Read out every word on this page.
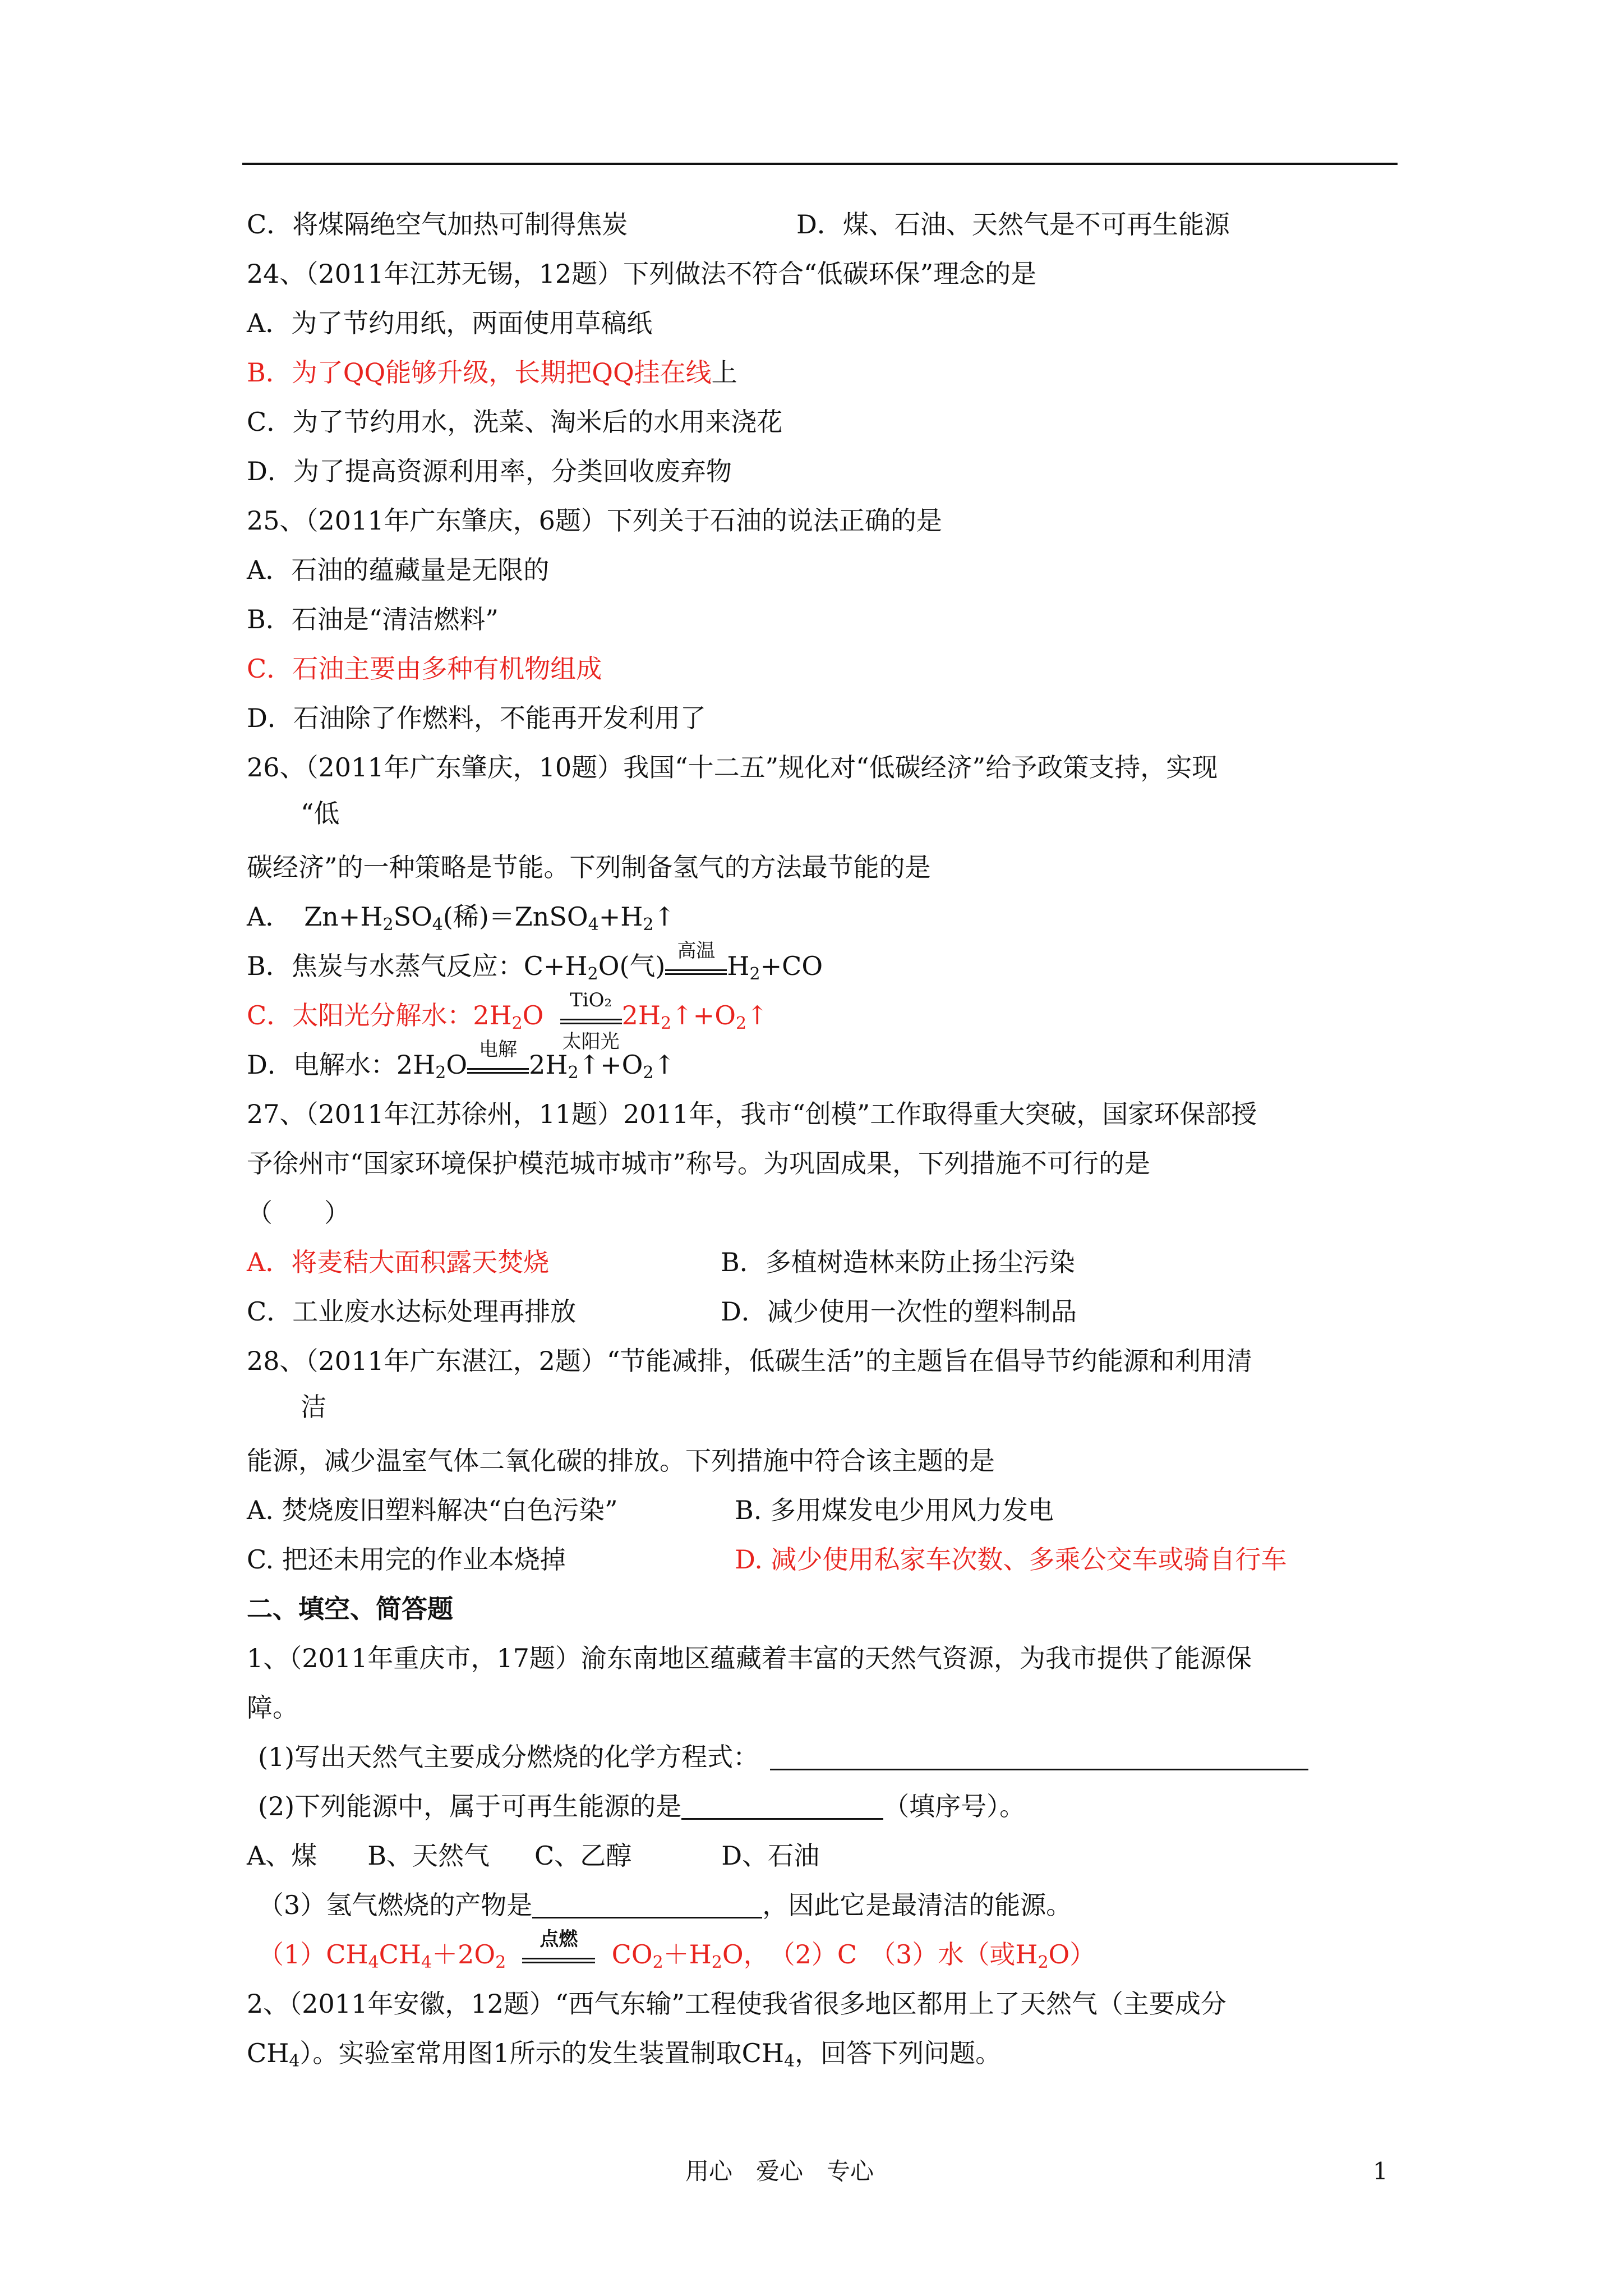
C．将煤隔绝空气加热可制得焦炭	D．煤、石油、天然气是不可再生能源
24、（2011年江苏无锡，12题）下列做法不符合“低碳环保”理念的是
A．为了节约用纸，两面使用草稿纸
B．为了QQ能够升级，长期把QQ挂在线上
C．为了节约用水，洗菜、淘米后的水用来浇花
D．为了提高资源利用率，分类回收废弃物
25、（2011年广东肇庆，6题）下列关于石油的说法正确的是
A．石油的蕴藏量是无限的
B．石油是“清洁燃料”
C．石油主要由多种有机物组成
D．石油除了作燃料，不能再开发利用了
26、（2011年广东肇庆，10题）我国“十二五”规化对“低碳经济”给予政策支持，实现
“低
碳经济”的一种策略是节能。下列制备氢气的方法最节能的是
A．　$Zn+H_2SO_4$(稀)$=ZnSO_4+H_2↑$
B．焦炭与水蒸气反应：$C+H_2O$(气) 高温 $H_2+CO$
C．太阳光分解水：$2H_2O$	TiO₂
太阳光
$2H_2↑+O_2↑$
D．电解水：$2H_2O$ 电解 $2H_2↑+O_2↑$
27、（2011年江苏徐州，11题）2011年，我市“创模”工作取得重大突破，国家环保部授
予徐州市“国家环境保护模范城市城市”称号。为巩固成果，下列措施不可行的是
（　　）
A．将麦秸大面积露天焚烧	B．多植树造林来防止扬尘污染
C．工业废水达标处理再排放	D．减少使用一次性的塑料制品
28、（2011年广东湛江，2题）“节能减排，低碳生活”的主题旨在倡导节约能源和利用清
洁
能源，减少温室气体二氧化碳的排放。下列措施中符合该主题的是
A. 焚烧废旧塑料解决“白色污染”	B. 多用煤发电少用风力发电
C. 把还未用完的作业本烧掉	D. 减少使用私家车次数、多乘公交车或骑自行车
二、填空、简答题
1、（2011年重庆市，17题）渝东南地区蕴藏着丰富的天然气资源，为我市提供了能源保
障。
(1)写出天然气主要成分燃烧的化学方程式：
(2)下列能源中，属于可再生能源的是	（填序号）。
A、煤 B、天然气 C、乙醇	D、石油
（3）氢气燃烧的产物是	，因此它是最清洁的能源。
$(1)CH_4CH_4+2O_2$
点燃	$CO_2+H_2O$，　（2）C　（3）水（或$H_2O$）
2、（2011年安徽，12题）“西气东输”工程使我省很多地区都用上了天然气（主要成分
$CH_4$）。实验室常用图1所示的发生装置制取$CH_4$，回答下列问题。
用心　爱心　专心	1
